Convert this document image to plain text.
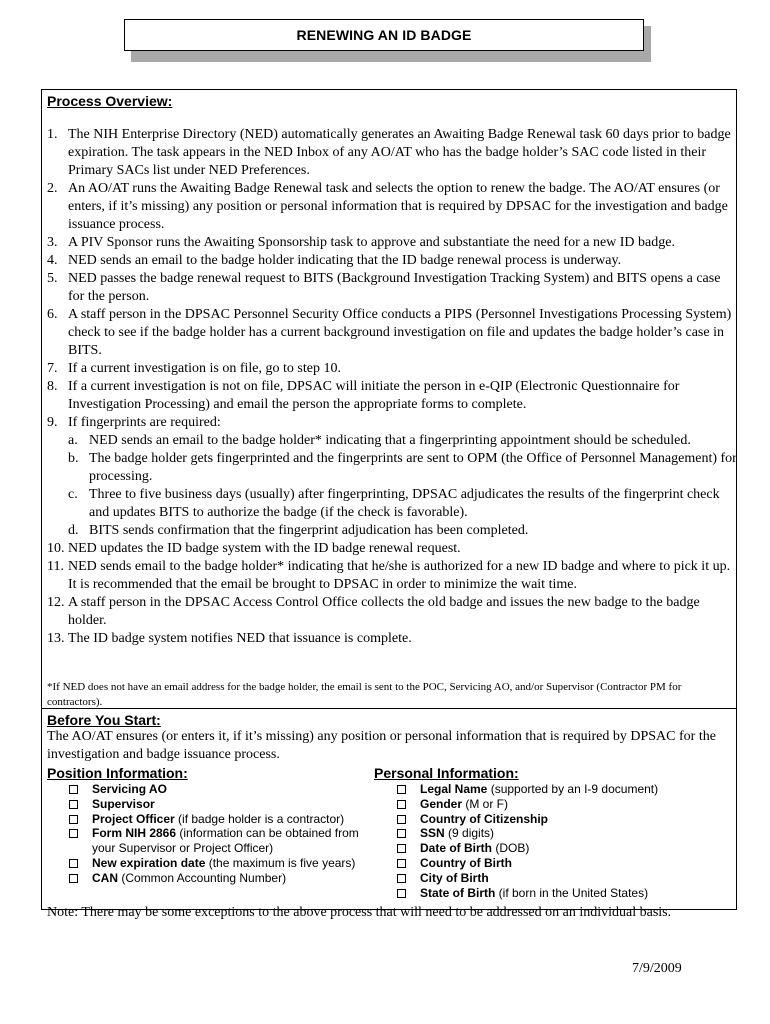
RENEWING AN ID BADGE
Process Overview:
1. The NIH Enterprise Directory (NED) automatically generates an Awaiting Badge Renewal task 60 days prior to badge expiration. The task appears in the NED Inbox of any AO/AT who has the badge holder’s SAC code listed in their Primary SACs list under NED Preferences.
2. An AO/AT runs the Awaiting Badge Renewal task and selects the option to renew the badge. The AO/AT ensures (or enters, if it’s missing) any position or personal information that is required by DPSAC for the investigation and badge issuance process.
3. A PIV Sponsor runs the Awaiting Sponsorship task to approve and substantiate the need for a new ID badge.
4. NED sends an email to the badge holder indicating that the ID badge renewal process is underway.
5. NED passes the badge renewal request to BITS (Background Investigation Tracking System) and BITS opens a case for the person.
6. A staff person in the DPSAC Personnel Security Office conducts a PIPS (Personnel Investigations Processing System) check to see if the badge holder has a current background investigation on file and updates the badge holder’s case in BITS.
7. If a current investigation is on file, go to step 10.
8. If a current investigation is not on file, DPSAC will initiate the person in e-QIP (Electronic Questionnaire for Investigation Processing) and email the person the appropriate forms to complete.
9. If fingerprints are required:
a. NED sends an email to the badge holder* indicating that a fingerprinting appointment should be scheduled.
b. The badge holder gets fingerprinted and the fingerprints are sent to OPM (the Office of Personnel Management) for processing.
c. Three to five business days (usually) after fingerprinting, DPSAC adjudicates the results of the fingerprint check and updates BITS to authorize the badge (if the check is favorable).
d. BITS sends confirmation that the fingerprint adjudication has been completed.
10. NED updates the ID badge system with the ID badge renewal request.
11. NED sends email to the badge holder* indicating that he/she is authorized for a new ID badge and where to pick it up. It is recommended that the email be brought to DPSAC in order to minimize the wait time.
12. A staff person in the DPSAC Access Control Office collects the old badge and issues the new badge to the badge holder.
13. The ID badge system notifies NED that issuance is complete.
*If NED does not have an email address for the badge holder, the email is sent to the POC, Servicing AO, and/or Supervisor (Contractor PM for contractors).
Before You Start:
The AO/AT ensures (or enters it, if it’s missing) any position or personal information that is required by DPSAC for the investigation and badge issuance process.
Position Information:
Servicing AO
Supervisor
Project Officer (if badge holder is a contractor)
Form NIH 2866 (information can be obtained from your Supervisor or Project Officer)
New expiration date (the maximum is five years)
CAN (Common Accounting Number)
Personal Information:
Legal Name (supported by an I-9 document)
Gender (M or F)
Country of Citizenship
SSN (9 digits)
Date of Birth (DOB)
Country of Birth
City of Birth
State of Birth (if born in the United States)
Note: There may be some exceptions to the above process that will need to be addressed on an individual basis.
7/9/2009
